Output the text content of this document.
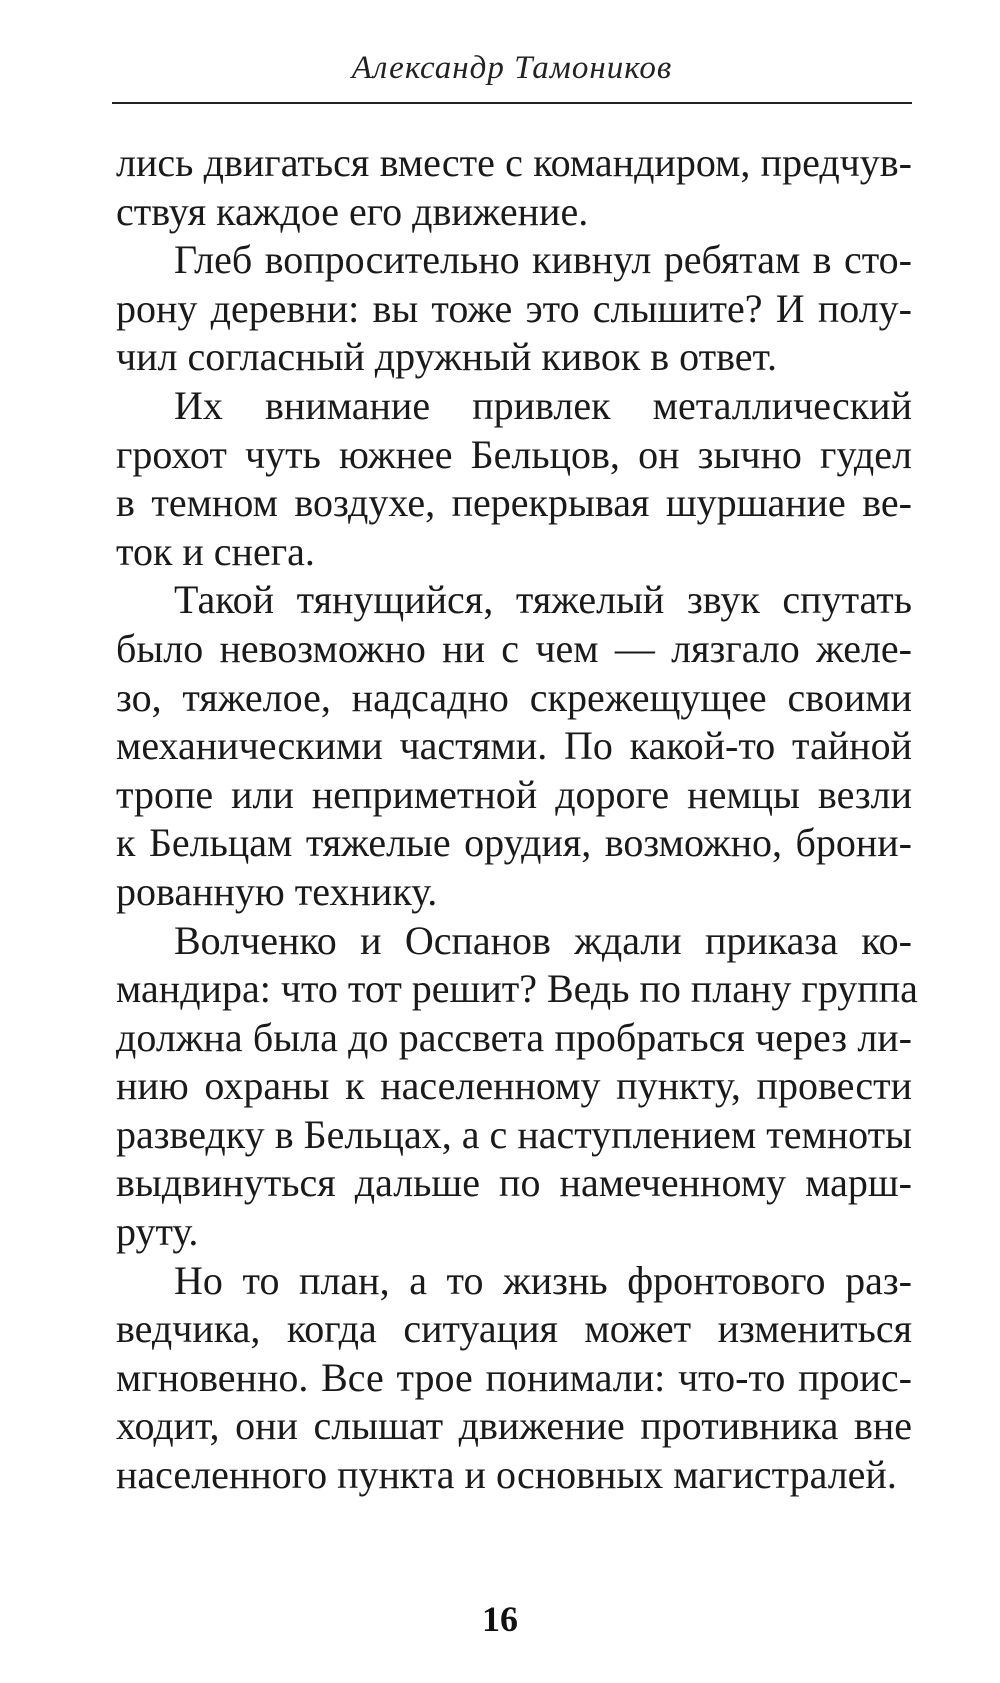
Александр Тамоников
лись двигаться вместе с командиром, предчув-
ствуя каждое его движение.
Глеб вопросительно кивнул ребятам в сто-
рону деревни: вы тоже это слышите? И полу-
чил согласный дружный кивок в ответ.
Их внимание привлек металлический
грохот чуть южнее Бельцов, он зычно гудел
в темном воздухе, перекрывая шуршание ве-
ток и снега.
Такой тянущийся, тяжелый звук спутать
было невозможно ни с чем — лязгало желе-
зо, тяжелое, надсадно скрежещущее своими
механическими частями. По какой-то тайной
тропе или неприметной дороге немцы везли
к Бельцам тяжелые орудия, возможно, брони-
рованную технику.
Волченко и Оспанов ждали приказа ко-
мандира: что тот решит? Ведь по плану группа
должна была до рассвета пробраться через ли-
нию охраны к населенному пункту, провести
разведку в Бельцах, а с наступлением темноты
выдвинуться дальше по намеченному марш-
руту.
Но то план, а то жизнь фронтового раз-
ведчика, когда ситуация может измениться
мгновенно. Все трое понимали: что-то проис-
ходит, они слышат движение противника вне
населенного пункта и основных магистралей.
16
